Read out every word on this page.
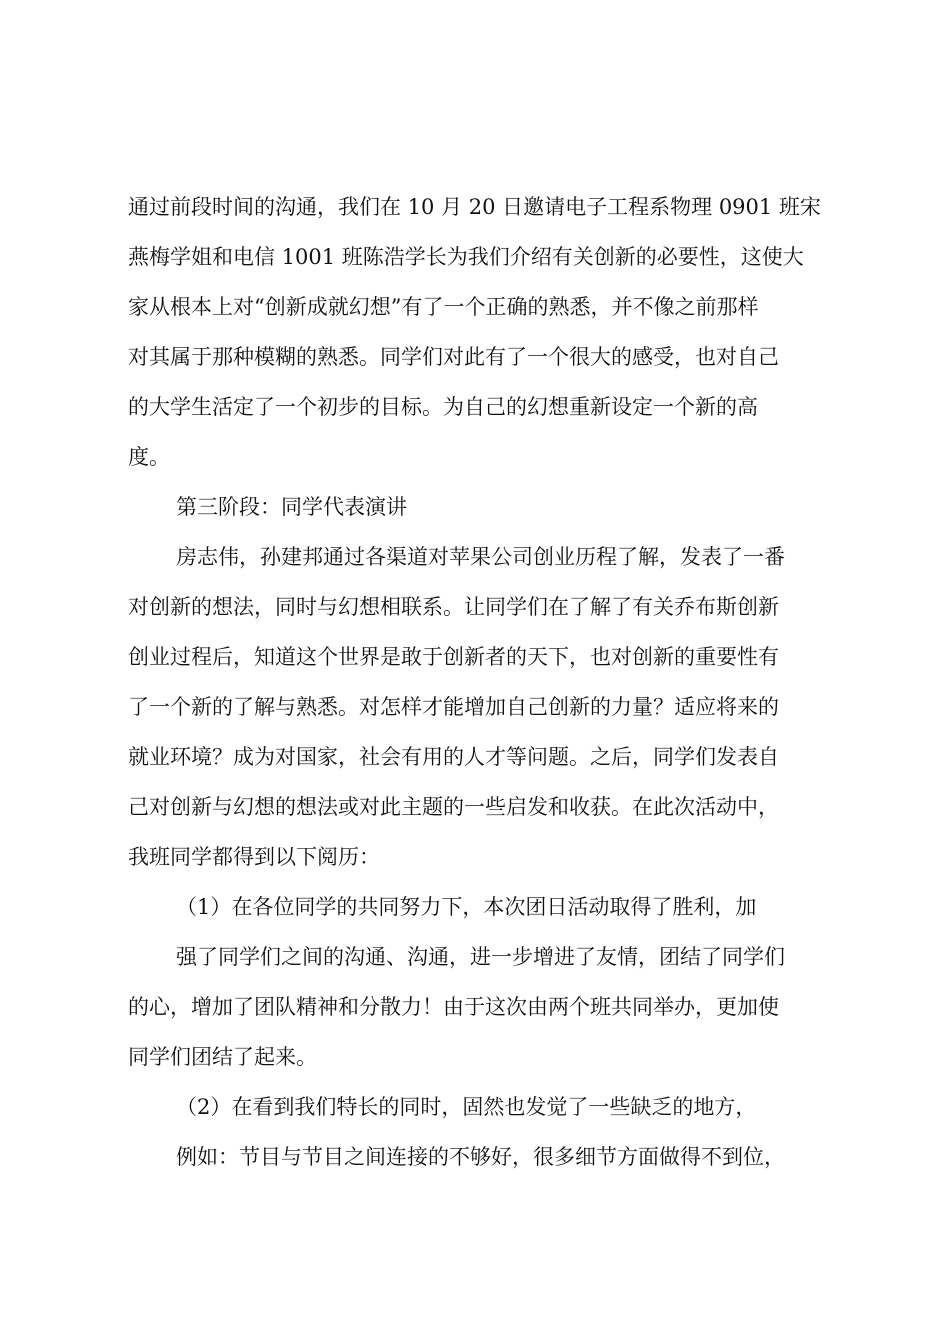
通过前段时间的沟通，我们在 10 月 20 日邀请电子工程系物理 0901 班宋
燕梅学姐和电信 1001 班陈浩学长为我们介绍有关创新的必要性，这使大
家从根本上对“创新成就幻想”有了一个正确的熟悉，并不像之前那样
对其属于那种模糊的熟悉。同学们对此有了一个很大的感受，也对自己
的大学生活定了一个初步的目标。为自己的幻想重新设定一个新的高
度。
第三阶段：同学代表演讲
房志伟，孙建邦通过各渠道对苹果公司创业历程了解，发表了一番
对创新的想法，同时与幻想相联系。让同学们在了解了有关乔布斯创新
创业过程后，知道这个世界是敢于创新者的天下，也对创新的重要性有
了一个新的了解与熟悉。对怎样才能增加自己创新的力量？适应将来的
就业环境？成为对国家，社会有用的人才等问题。之后，同学们发表自
己对创新与幻想的想法或对此主题的一些启发和收获。在此次活动中，
我班同学都得到以下阅历：
（1）在各位同学的共同努力下，本次团日活动取得了胜利，加
强了同学们之间的沟通、沟通，进一步增进了友情，团结了同学们
的心，增加了团队精神和分散力！由于这次由两个班共同举办，更加使
同学们团结了起来。
（2）在看到我们特长的同时，固然也发觉了一些缺乏的地方，
例如：节目与节目之间连接的不够好，很多细节方面做得不到位，
